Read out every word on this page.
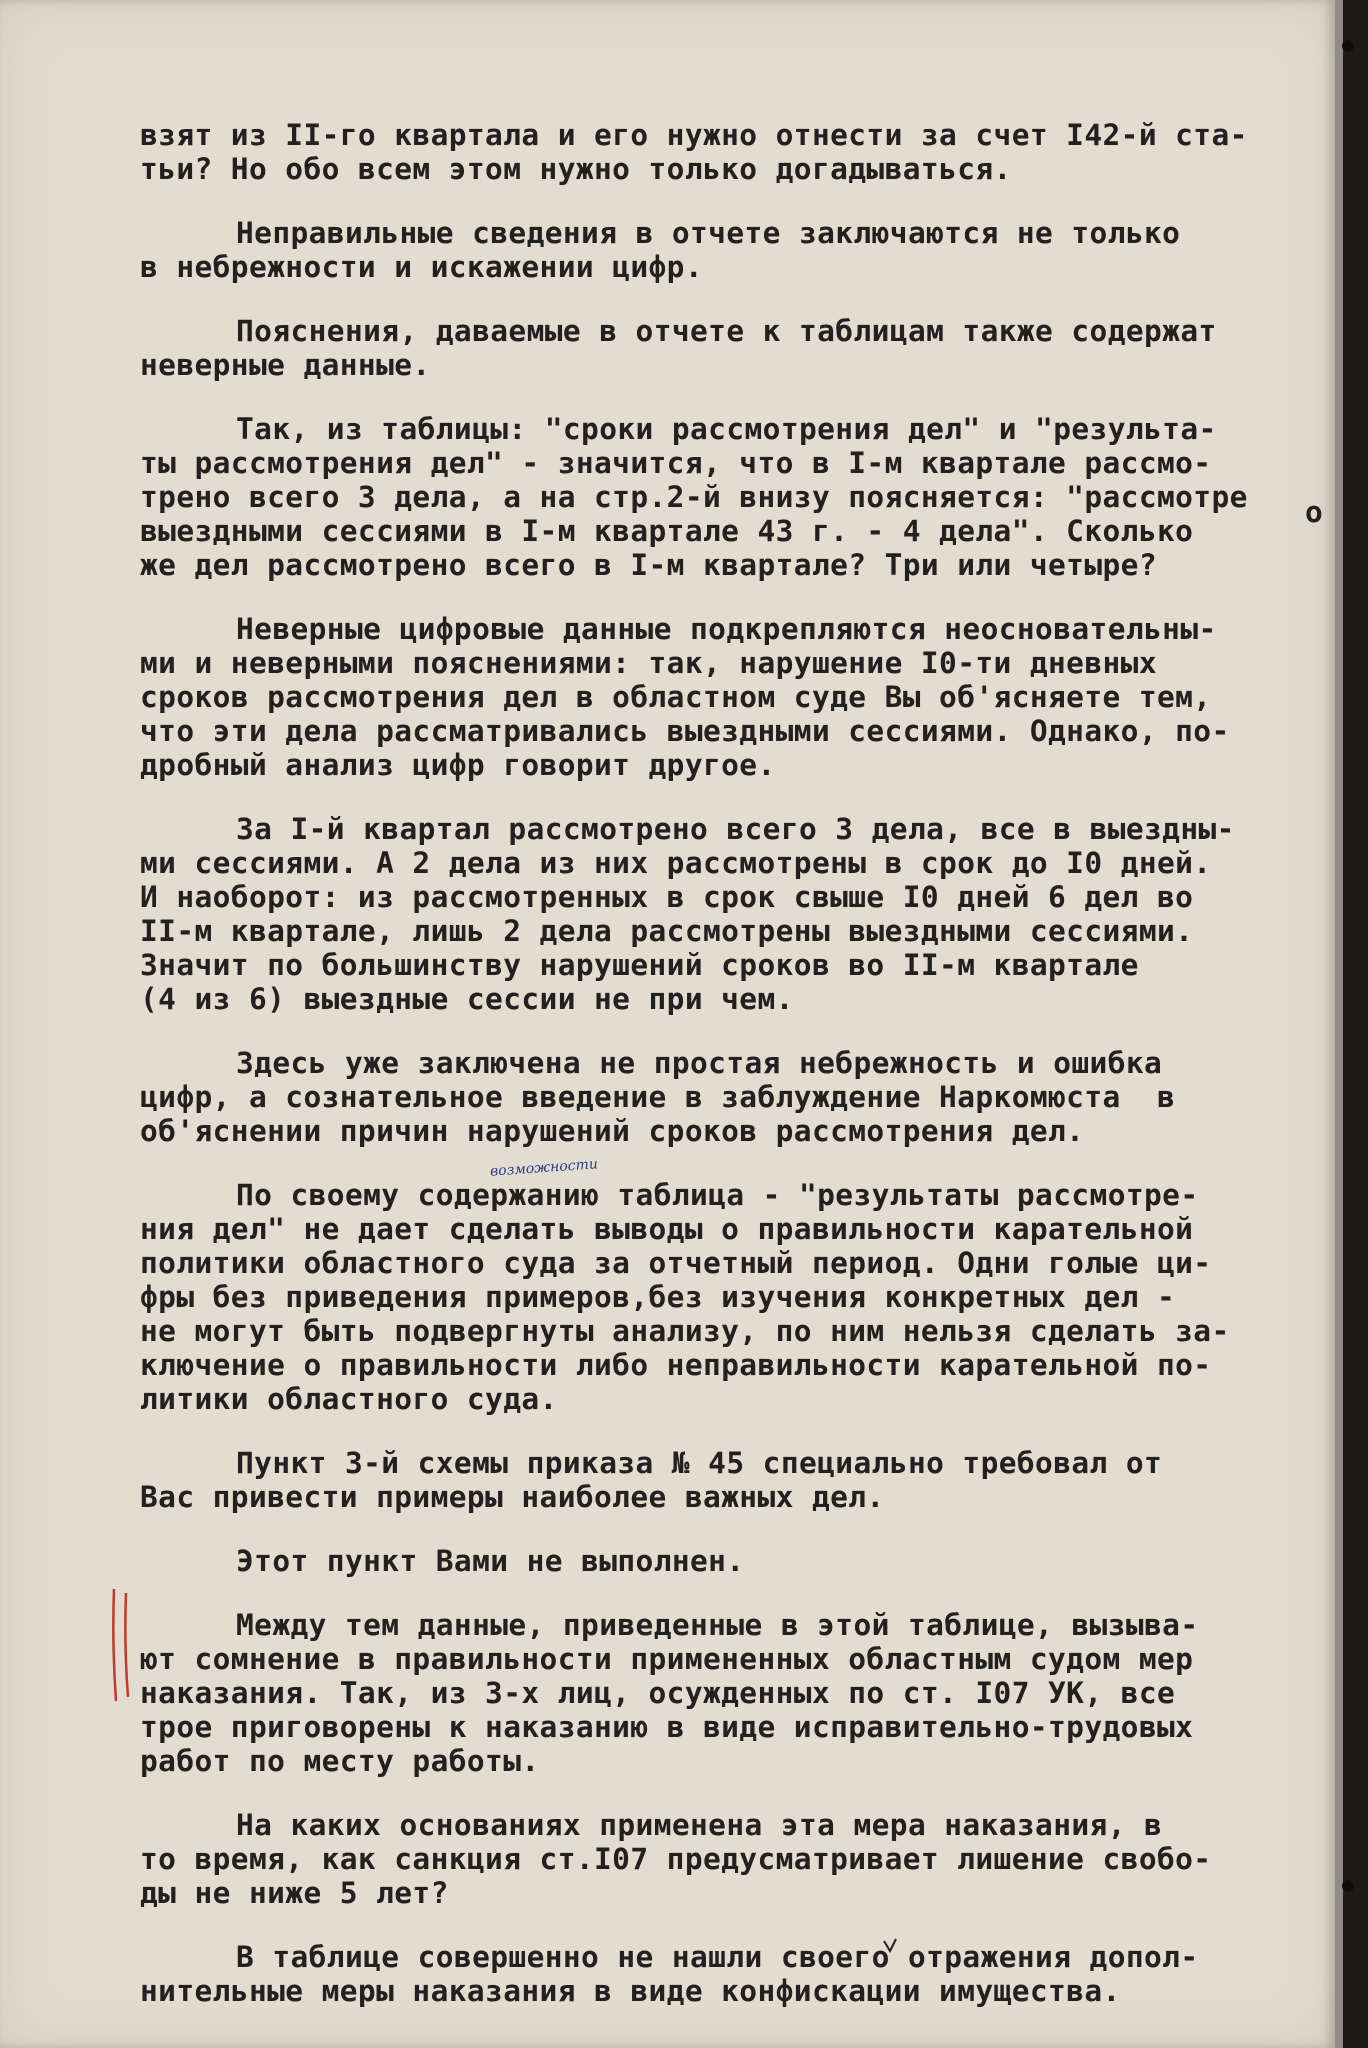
взят из II-го квартала и его нужно отнести за счет I42-й ста-
тьи? Но обо всем этом нужно только догадываться.
Неправильные сведения в отчете заключаются не только
в небрежности и искажении цифр.
Пояснения, даваемые в отчете к таблицам также содержат
неверные данные.
Так, из таблицы: "сроки рассмотрения дел" и "результа-
ты рассмотрения дел" - значится, что в I-м квартале рассмо-
трено всего 3 дела, а на стр.2-й внизу поясняется: "рассмотре
выездными сессиями в I-м квартале 43 г. - 4 дела". Сколько
же дел рассмотрено всего в I-м квартале? Три или четыре?
Неверные цифровые данные подкрепляются неосновательны-
ми и неверными пояснениями: так, нарушение I0-ти дневных
сроков рассмотрения дел в областном суде Вы об'ясняете тем,
что эти дела рассматривались выездными сессиями. Однако, по-
дробный анализ цифр говорит другое.
За I-й квартал рассмотрено всего 3 дела, все в выездны-
ми сессиями. А 2 дела из них рассмотрены в срок до I0 дней.
И наоборот: из рассмотренных в срок свыше I0 дней 6 дел во
II-м квартале, лишь 2 дела рассмотрены выездными сессиями.
Значит по большинству нарушений сроков во II-м квартале
(4 из 6) выездные сессии не при чем.
Здесь уже заключена не простая небрежность и ошибка
цифр, а сознательное введение в заблуждение Наркомюста  в
об'яснении причин нарушений сроков рассмотрения дел.
По своему содержанию таблица - "результаты рассмотре-
ния дел" не дает сделать выводы о правильности карательной
политики областного суда за отчетный период. Одни голые ци-
фры без приведения примеров,без изучения конкретных дел -
не могут быть подвергнуты анализу, по ним нельзя сделать за-
ключение о правильности либо неправильности карательной по-
литики областного суда.
Пункт 3-й схемы приказа № 45 специально требовал от
Вас привести примеры наиболее важных дел.
Этот пункт Вами не выполнен.
Между тем данные, приведенные в этой таблице, вызыва-
ют сомнение в правильности примененных областным судом мер
наказания. Так, из 3-х лиц, осужденных по ст. I07 УК, все
трое приговорены к наказанию в виде исправительно-трудовых
работ по месту работы.
На каких основаниях применена эта мера наказания, в
то время, как санкция ст.I07 предусматривает лишение свобо-
ды не ниже 5 лет?
В таблице совершенно не нашли своего отражения допол-
нительные меры наказания в виде конфискации имущества.
о
возможности
